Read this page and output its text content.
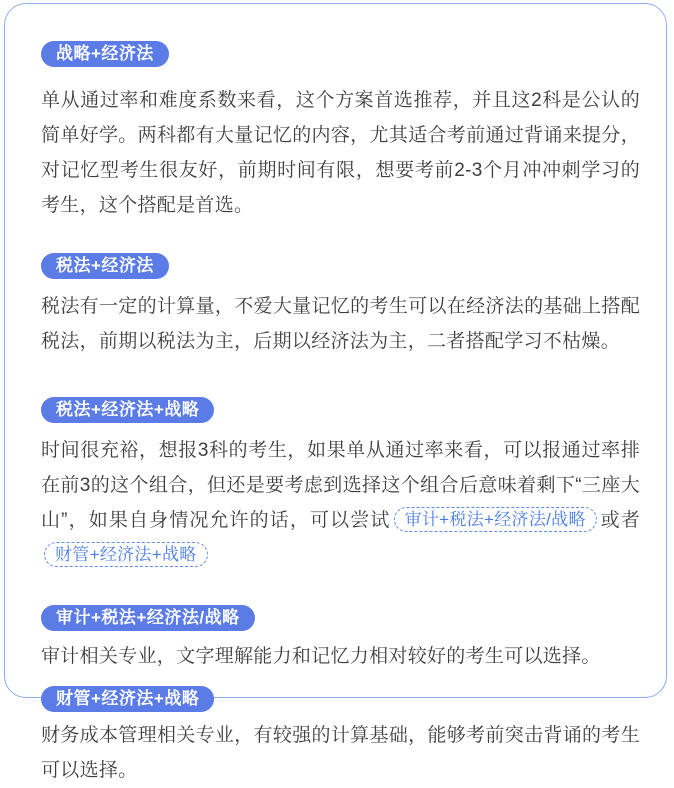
战略+经济法

单从通过率和难度系数来看，这个方案首选推荐，并且这2科是公认的简单好学。两科都有大量记忆的内容，尤其适合考前通过背诵来提分，对记忆型考生很友好，前期时间有限，想要考前2-3个月冲冲刺学习的考生，这个搭配是首选。

税法+经济法

税法有一定的计算量，不爱大量记忆的考生可以在经济法的基础上搭配税法，前期以税法为主，后期以经济法为主，二者搭配学习不枯燥。

税法+经济法+战略

时间很充裕，想报3科的考生，如果单从通过率来看，可以报通过率排在前3的这个组合，但还是要考虑到选择这个组合后意味着剩下“三座大山”，如果自身情况允许的话，可以尝试 审计+税法+经济法/战略 或者财管+经济法+战略

审计+税法+经济法/战略

审计相关专业，文字理解能力和记忆力相对较好的考生可以选择。

财管+经济法+战略

财务成本管理相关专业，有较强的计算基础，能够考前突击背诵的考生可以选择。
